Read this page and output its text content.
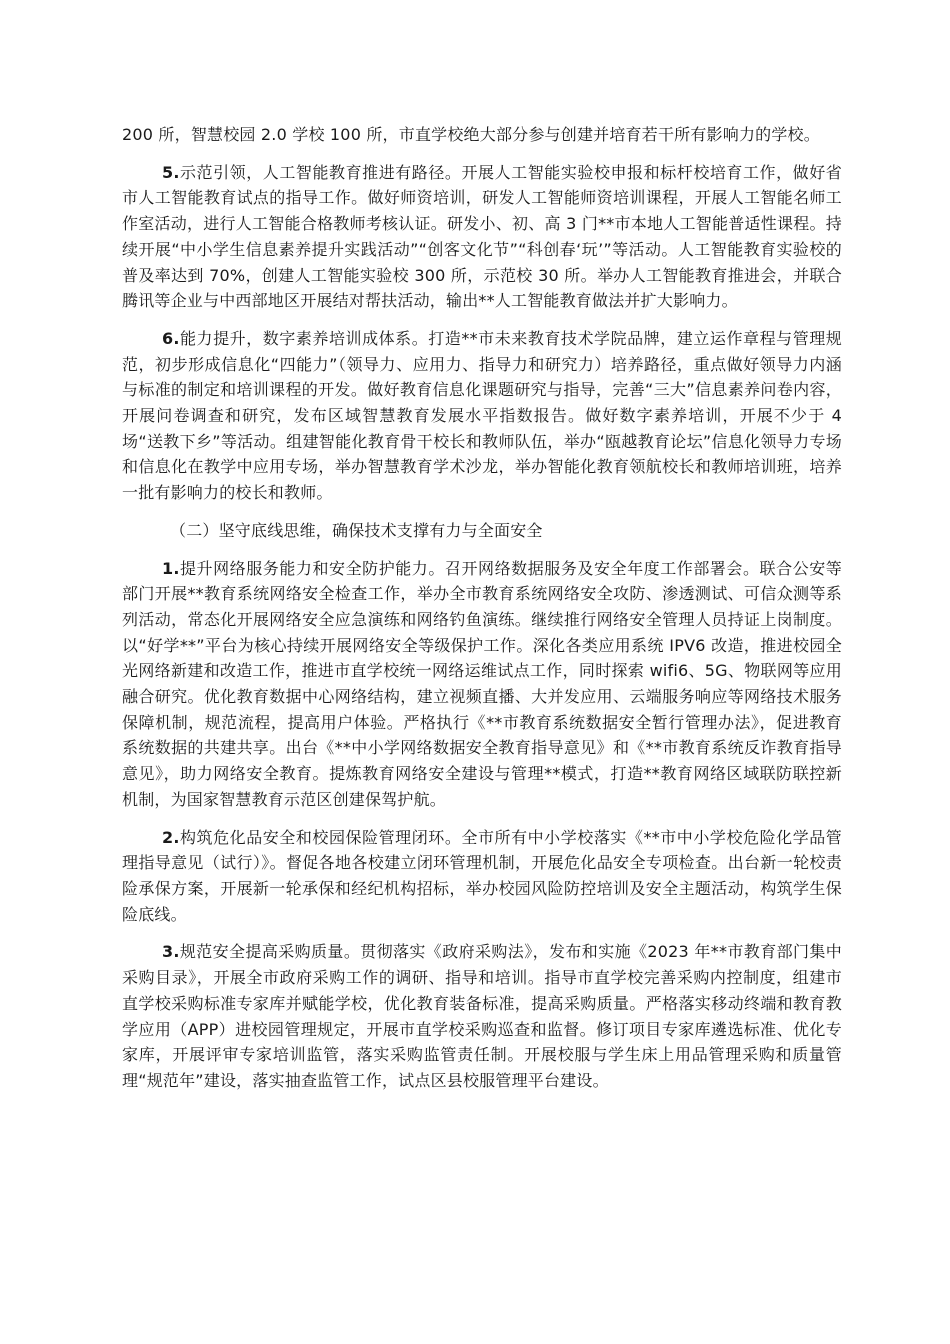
200 所，智慧校园 2.0 学校 100 所，市直学校绝大部分参与创建并培育若干所有影响力的学校。

5.示范引领，人工智能教育推进有路径。开展人工智能实验校申报和标杆校培育工作，做好省市人工智能教育试点的指导工作。做好师资培训，研发人工智能师资培训课程，开展人工智能名师工作室活动，进行人工智能合格教师考核认证。研发小、初、高 3 门**市本地人工智能普适性课程。持续开展“中小学生信息素养提升实践活动”“创客文化节”“科创春‘玩’”等活动。人工智能教育实验校的普及率达到 70%，创建人工智能实验校 300 所，示范校 30 所。举办人工智能教育推进会，并联合腾讯等企业与中西部地区开展结对帮扶活动，输出**人工智能教育做法并扩大影响力。

6.能力提升，数字素养培训成体系。打造**市未来教育技术学院品牌，建立运作章程与管理规范，初步形成信息化“四能力”（领导力、应用力、指导力和研究力）培养路径，重点做好领导力内涵与标准的制定和培训课程的开发。做好教育信息化课题研究与指导，完善“三大”信息素养问卷内容，开展问卷调查和研究，发布区域智慧教育发展水平指数报告。做好数字素养培训，开展不少于 4 场“送教下乡”等活动。组建智能化教育骨干校长和教师队伍，举办“瓯越教育论坛”信息化领导力专场和信息化在教学中应用专场，举办智慧教育学术沙龙，举办智能化教育领航校长和教师培训班，培养一批有影响力的校长和教师。

（二）坚守底线思维，确保技术支撑有力与全面安全

1.提升网络服务能力和安全防护能力。召开网络数据服务及安全年度工作部署会。联合公安等部门开展**教育系统网络安全检查工作，举办全市教育系统网络安全攻防、渗透测试、可信众测等系列活动，常态化开展网络安全应急演练和网络钓鱼演练。继续推行网络安全管理人员持证上岗制度。以“好学**”平台为核心持续开展网络安全等级保护工作。深化各类应用系统 IPV6 改造，推进校园全光网络新建和改造工作，推进市直学校统一网络运维试点工作，同时探索 wifi6、5G、物联网等应用融合研究。优化教育数据中心网络结构，建立视频直播、大并发应用、云端服务响应等网络技术服务保障机制，规范流程，提高用户体验。严格执行《**市教育系统数据安全暂行管理办法》，促进教育系统数据的共建共享。出台《**中小学网络数据安全教育指导意见》和《**市教育系统反诈教育指导意见》，助力网络安全教育。提炼教育网络安全建设与管理**模式，打造**教育网络区域联防联控新机制，为国家智慧教育示范区创建保驾护航。

2.构筑危化品安全和校园保险管理闭环。全市所有中小学校落实《**市中小学校危险化学品管理指导意见（试行）》。督促各地各校建立闭环管理机制，开展危化品安全专项检查。出台新一轮校责险承保方案，开展新一轮承保和经纪机构招标，举办校园风险防控培训及安全主题活动，构筑学生保险底线。

3.规范安全提高采购质量。贯彻落实《政府采购法》，发布和实施《2023 年**市教育部门集中采购目录》，开展全市政府采购工作的调研、指导和培训。指导市直学校完善采购内控制度，组建市直学校采购标准专家库并赋能学校，优化教育装备标准，提高采购质量。严格落实移动终端和教育教学应用（APP）进校园管理规定，开展市直学校采购巡查和监督。修订项目专家库遴选标准、优化专家库，开展评审专家培训监管，落实采购监管责任制。开展校服与学生床上用品管理采购和质量管理“规范年”建设，落实抽查监管工作，试点区县校服管理平台建设。
